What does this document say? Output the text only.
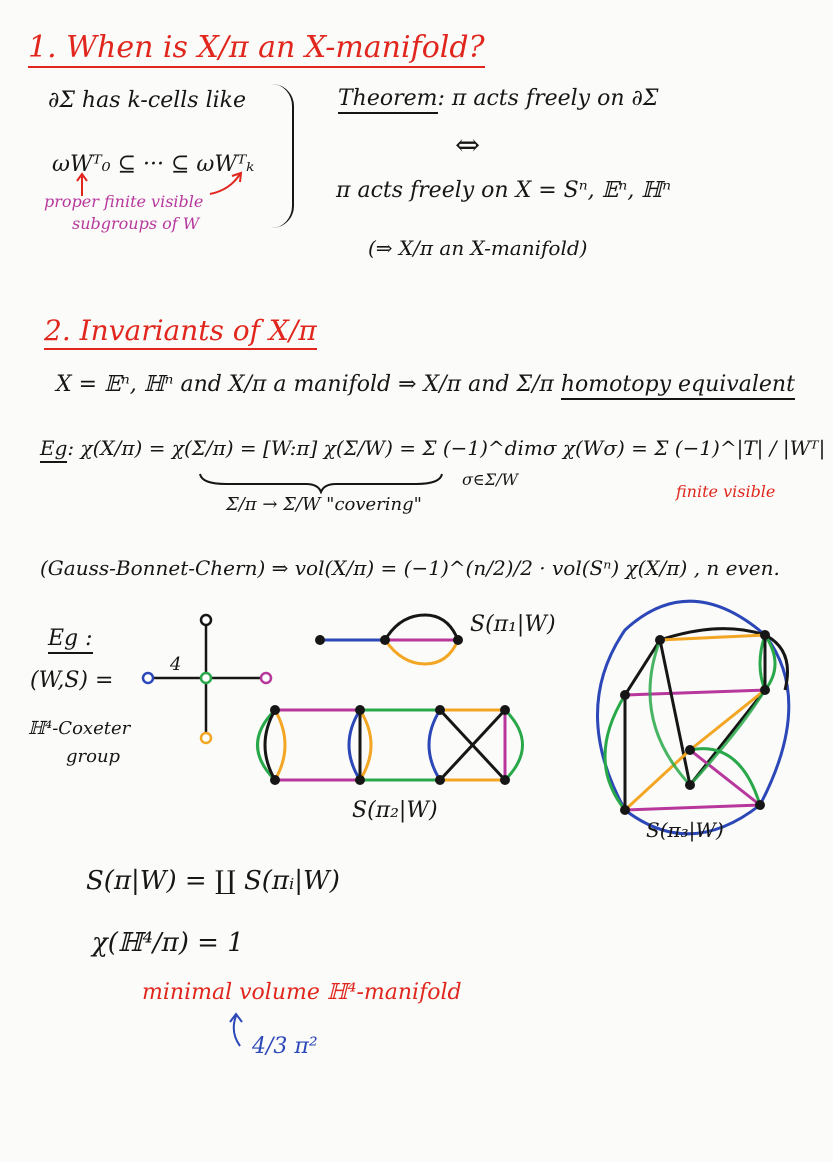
1. When is X/π an X-manifold?
∂Σ has k-cells like
ωWᵀ₀ ⊆ ··· ⊆ ωWᵀₖ
proper finite visible
subgroups of W
Theorem: π acts freely on ∂Σ
⇔
π acts freely on X = Sⁿ, 𝔼ⁿ, ℍⁿ
(⇒ X/π an X-manifold)
2. Invariants of X/π
X = 𝔼ⁿ, ℍⁿ and X/π a manifold ⇒ X/π and Σ/π homotopy equivalent
Eg: χ(X/π) = χ(Σ/π) = [W:π] χ(Σ/W) = Σ (−1)^dimσ χ(Wσ) = Σ (−1)^|T| / |Wᵀ|
σ∈Σ/W
Σ/π → Σ/W "covering"
finite visible
(Gauss-Bonnet-Chern) ⇒ vol(X/π) = (−1)^(n/2)/2 · vol(Sⁿ) χ(X/π) , n even.
Eg :
(W,S) =
ℍ⁴-Coxeter
group
4
S(π₁|W)
S(π₂|W)
S(π₃|W)
S(π|W) = ∐ S(πᵢ|W)
χ(ℍ⁴/π) = 1
minimal volume ℍ⁴-manifold
4/3 π²
